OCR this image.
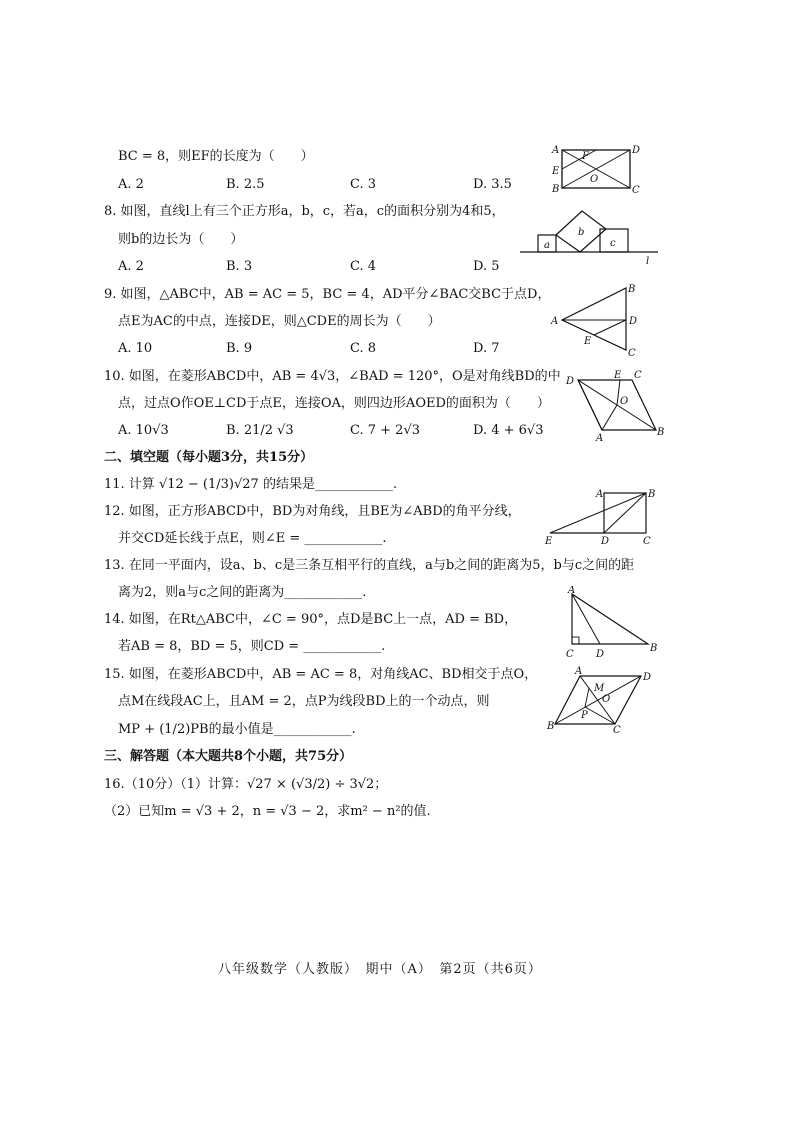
BC = 8，则EF的长度为（　　）
A. 2	B. 2.5	C. 3	D. 3.5
A	D
F
E
O
B	C
8. 如图，直线l上有三个正方形a，b，c，若a，c的面积分别为4和5，
则b的边长为（　　）
A. 2	B. 3	C. 4	D. 5
a
b
c
l
9. 如图，△ABC中，AB = AC = 5，BC = 4，AD平分∠BAC交BC于点D，
点E为AC的中点，连接DE，则△CDE的周长为（　　）
A. 10	B. 9	C. 8	D. 7
B
A	D
E
C
10. 如图，在菱形ABCD中，AB = 4√3，∠BAD = 120°，O是对角线BD的中
点，过点O作OE⊥CD于点E，连接OA，则四边形AOED的面积为（　　）
A. 10√3	B. 21/2 √3	C. 7 + 2√3	D. 4 + 6√3
D
E C
O
A
B
二、填空题（每小题3分，共15分）
11. 计算 √12 − (1/3)√27 的结果是____________.
12. 如图，正方形ABCD中，BD为对角线，且BE为∠ABD的角平分线，
并交CD延长线于点E，则∠E = ____________.
A	B
E	D	C
13. 在同一平面内，设a、b、c是三条互相平行的直线，a与b之间的距离为5，b与c之间的距
离为2，则a与c之间的距离为____________.
14. 如图，在Rt△ABC中，∠C = 90°，点D是BC上一点，AD = BD，
若AB = 8，BD = 5，则CD = ____________.
A
C D
B
15. 如图，在菱形ABCD中，AB = AC = 8，对角线AC、BD相交于点O，
点M在线段AC上，且AM = 2，点P为线段BD上的一个动点，则
MP + (1/2)PB的最小值是____________.
A
D
M
O
P
B	C
三、解答题（本大题共8个小题，共75分）
16.（10分）（1）计算：√27 × (√3/2) ÷ 3√2；
（2）已知m = √3 + 2，n = √3 − 2，求m² − n²的值.
八年级数学（人教版）　期中（A）　第2页（共6页）
